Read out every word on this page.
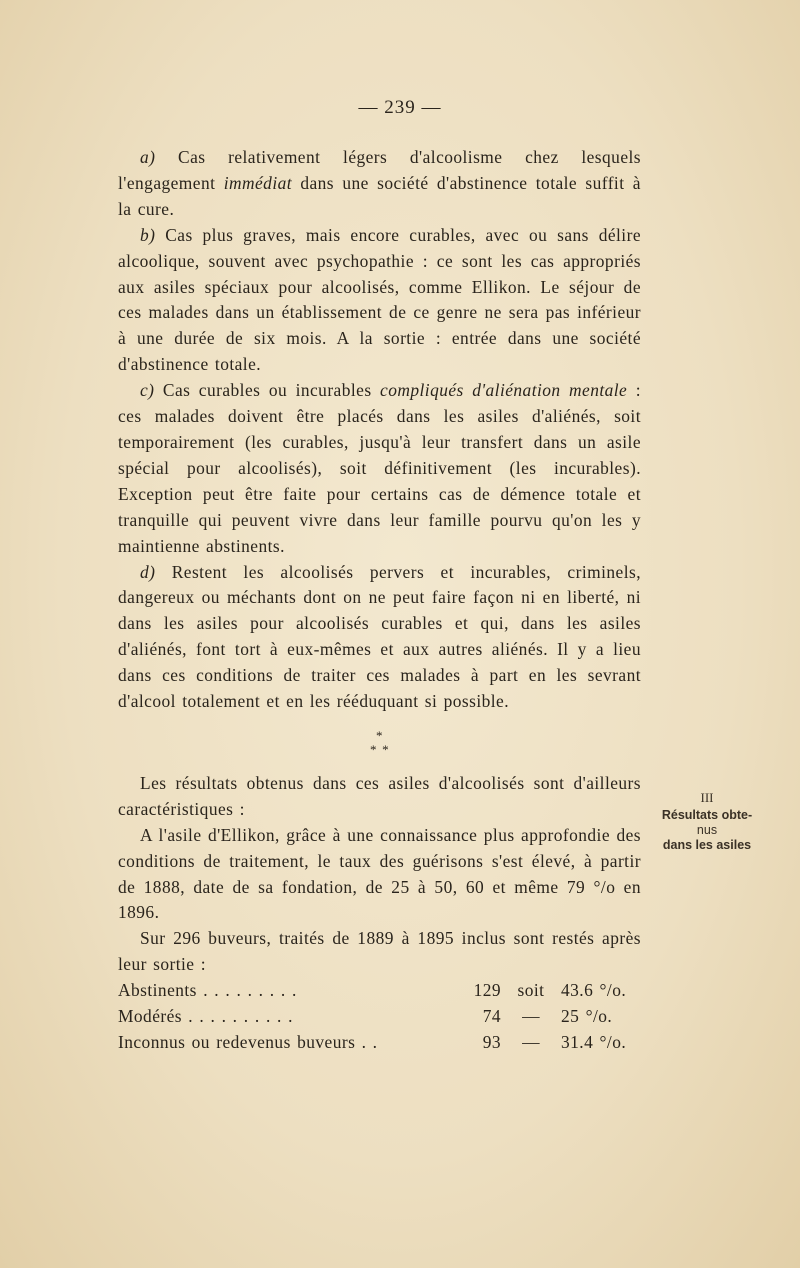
— 239 —

a) Cas relativement légers d'alcoolisme chez lesquels l'engagement immédiat dans une société d'abstinence totale suffit à la cure.

b) Cas plus graves, mais encore curables, avec ou sans délire alcoolique, souvent avec psychopathie : ce sont les cas appropriés aux asiles spéciaux pour alcoolisés, comme Ellikon. Le séjour de ces malades dans un établissement de ce genre ne sera pas inférieur à une durée de six mois. A la sortie : entrée dans une société d'abstinence totale.

c) Cas curables ou incurables compliqués d'aliénation mentale : ces malades doivent être placés dans les asiles d'aliénés, soit temporairement (les curables, jusqu'à leur transfert dans un asile spécial pour alcoolisés), soit définitivement (les incurables). Exception peut être faite pour certains cas de démence totale et tranquille qui peuvent vivre dans leur famille pourvu qu'on les y maintienne abstinents.

d) Restent les alcoolisés pervers et incurables, criminels, dangereux ou méchants dont on ne peut faire façon ni en liberté, ni dans les asiles pour alcoolisés curables et qui, dans les asiles d'aliénés, font tort à eux-mêmes et aux autres aliénés. Il y a lieu dans ces conditions de traiter ces malades à part en les sevrant d'alcool totalement et en les rééduquant si possible.

*
* *

Les résultats obtenus dans ces asiles d'alcoolisés sont d'ailleurs caractéristiques :

A l'asile d'Ellikon, grâce à une connaissance plus approfondie des conditions de traitement, le taux des guérisons s'est élevé, à partir de 1888, date de sa fondation, de 25 à 50, 60 et même 79 °/o en 1896.

Sur 296 buveurs, traités de 1889 à 1895 inclus sont restés après leur sortie :

Abstinents . . . . . . . . .	129 soit 43.6 °/o.
Modérés . . . . . . . . . .	74	—	25 °/o.
Inconnus ou redevenus buveurs . .	93	—	31.4 °/o.
III
Résultats obte-
nus
dans les asiles
